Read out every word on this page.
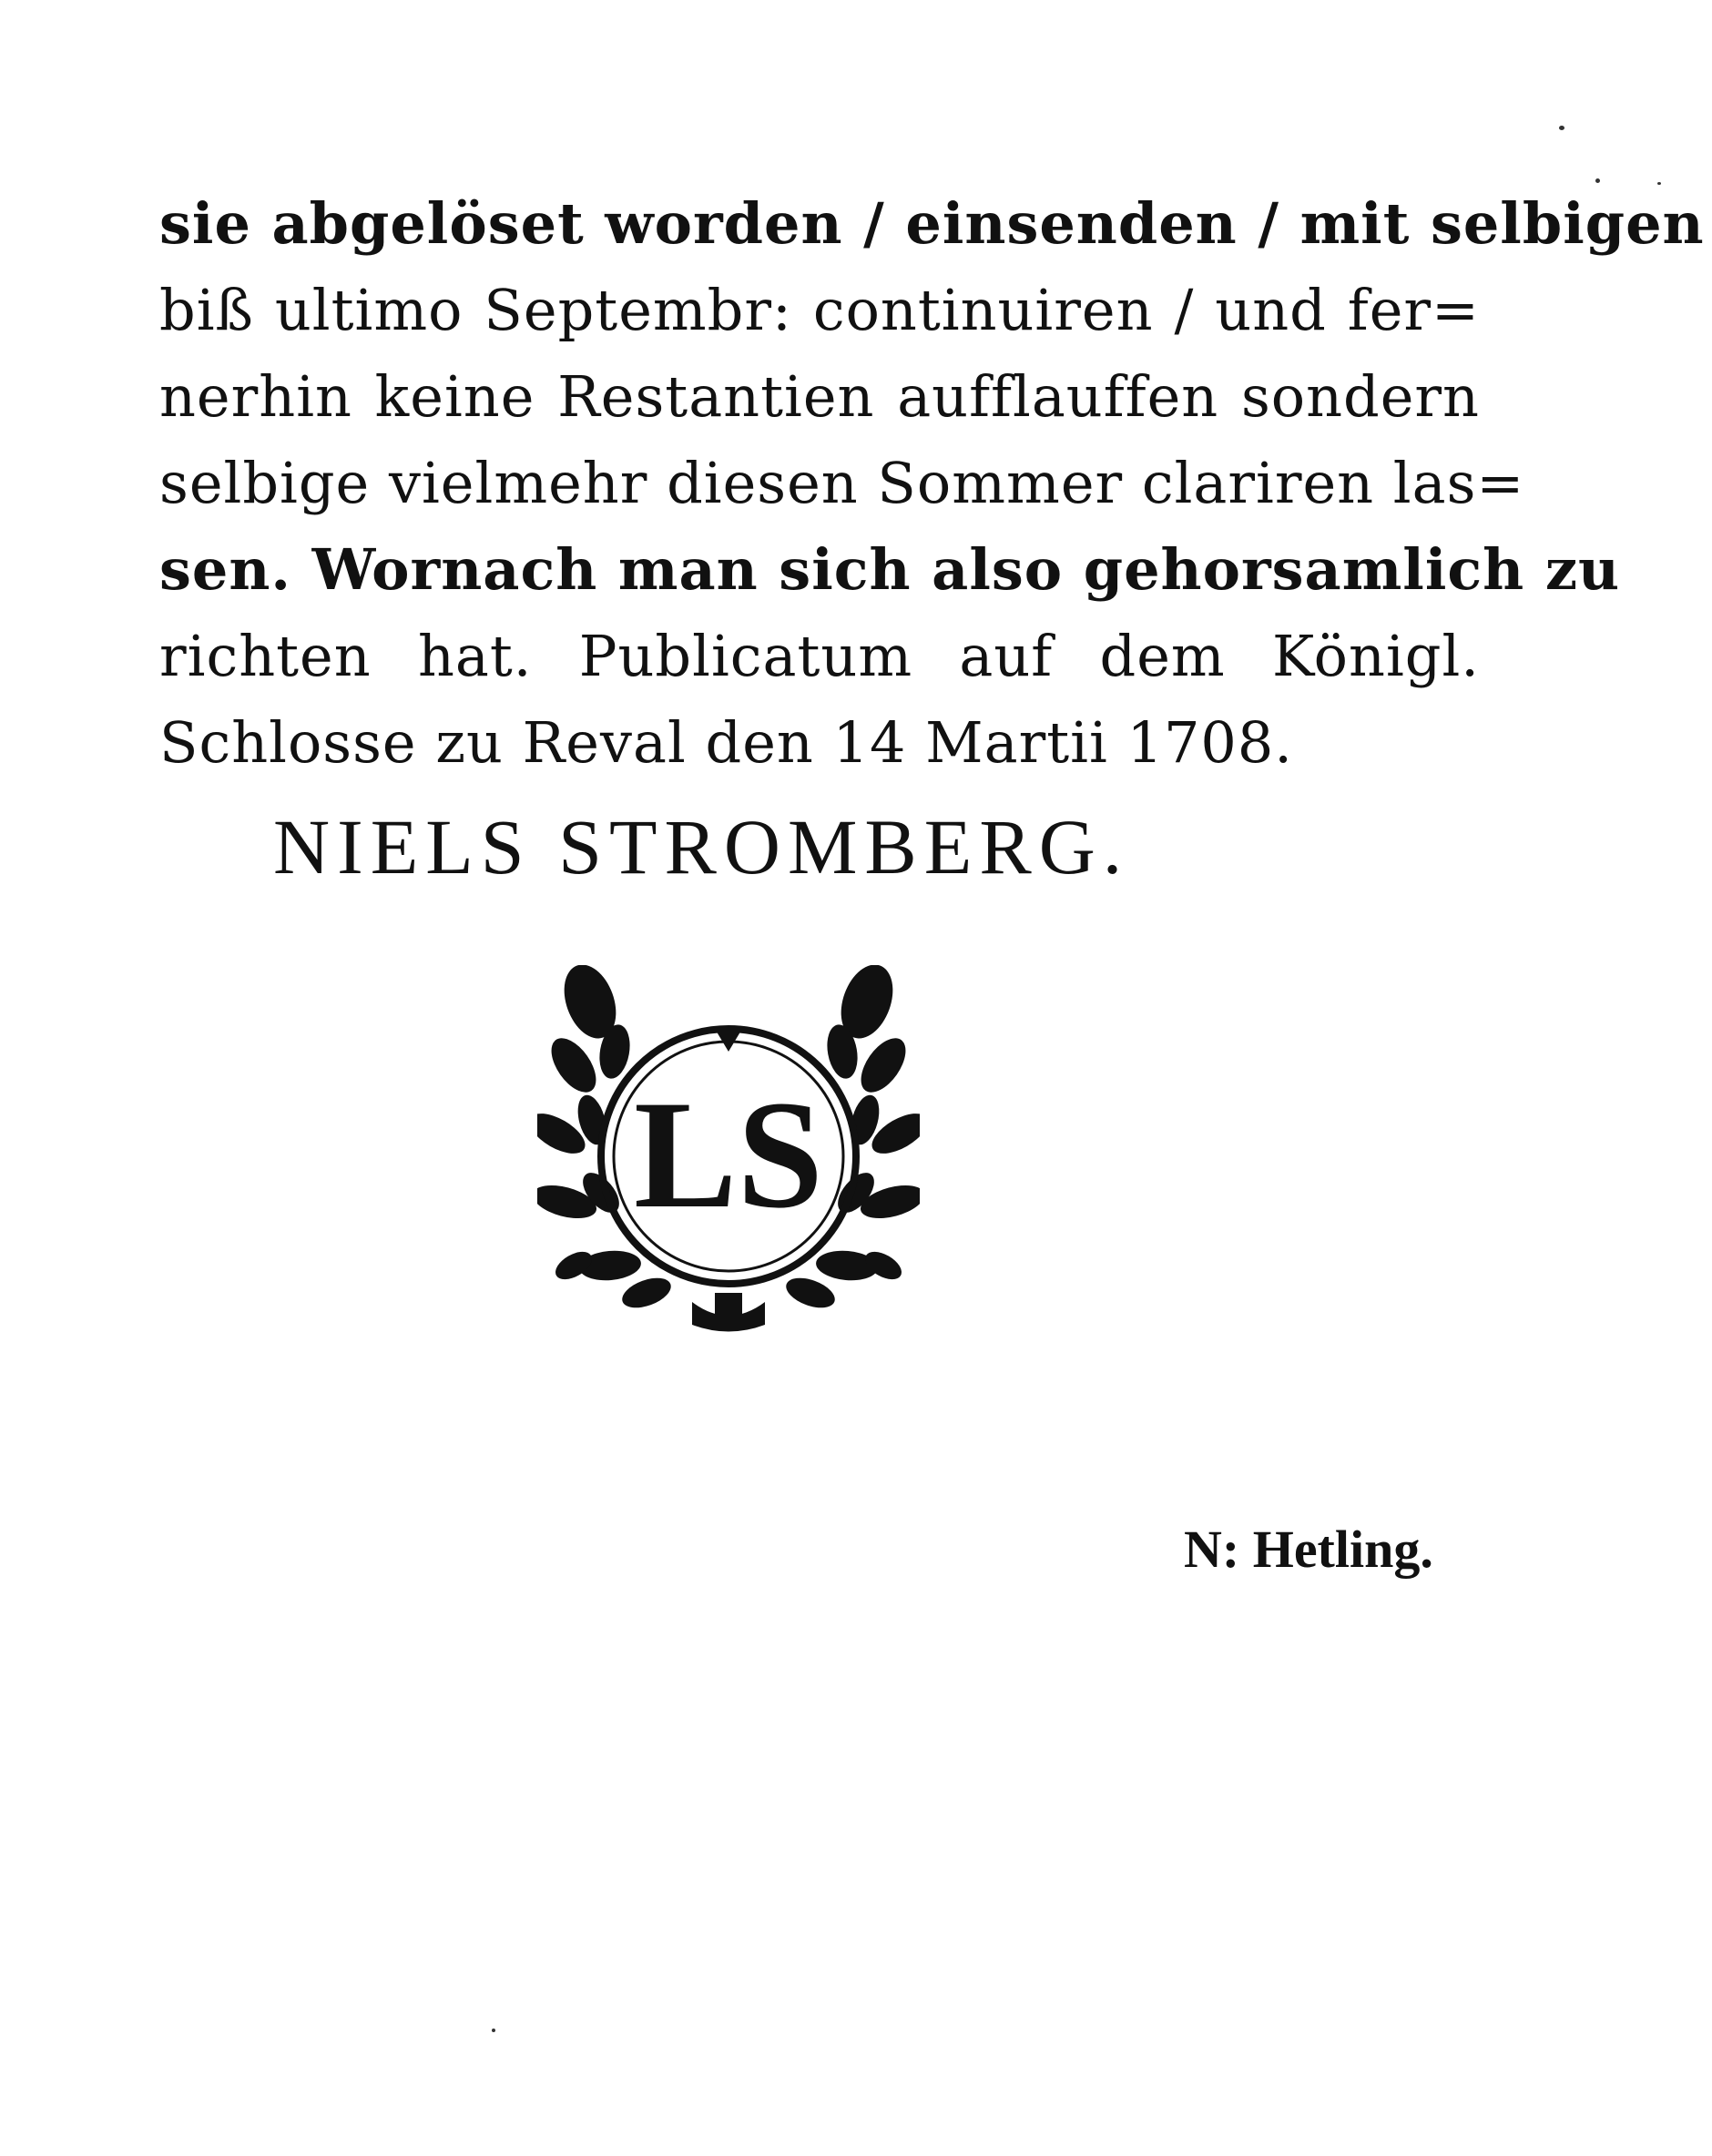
sie abgelöset worden / einsenden / mit selbigen
biß ultimo Septembr: continuiren / und fer=
nerhin keine Restantien aufflauffen sondern
selbige vielmehr diesen Sommer clariren las=
sen. Wornach man sich also gehorsamlich zu
richten hat. Publicatum auf dem Königl.
Schlosse zu Reval den 14 Martii 1708.
NIELS STROMBERG.
LS
N: Hetling.
